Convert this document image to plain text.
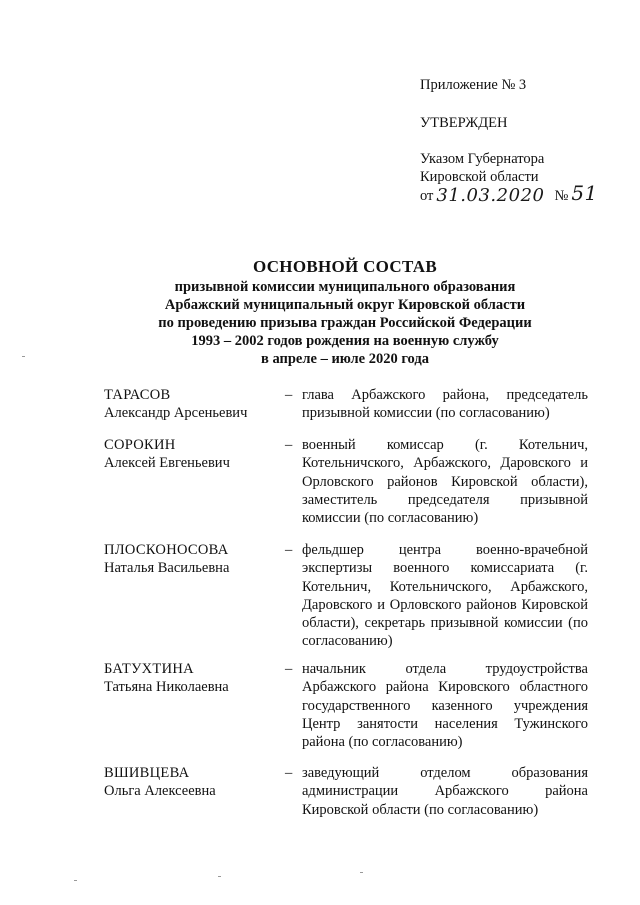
Приложение № 3
УТВЕРЖДЕН
Указом Губернатора
Кировской области
от 31.03.2020 № 51
ОСНОВНОЙ СОСТАВ
призывной комиссии муниципального образования
Арбажский муниципальный округ Кировской области
по проведению призыва граждан Российской Федерации
1993 – 2002 годов рождения на военную службу
в апреле – июле 2020 года
ТАРАСОВ
Александр Арсеньевич
– глава Арбажского района, председатель призывной комиссии (по согласованию)
СОРОКИН
Алексей Евгеньевич
– военный комиссар (г. Котельнич, Котельничского, Арбажского, Даровского и Орловского районов Кировской области), заместитель председателя призывной комиссии (по согласованию)
ПЛОСКОНОСОВА
Наталья Васильевна
– фельдшер центра военно-врачебной экспертизы военного комиссариата (г. Котельнич, Котельничского, Арбажского, Даровского и Орловского районов Кировской области), секретарь призывной комиссии (по согласованию)
БАТУХТИНА
Татьяна Николаевна
– начальник отдела трудоустройства Арбажского района Кировского областного государственного казенного учреждения Центр занятости населения Тужинского района (по согласованию)
ВШИВЦЕВА
Ольга Алексеевна
– заведующий отделом образования администрации Арбажского района Кировской области (по согласованию)
